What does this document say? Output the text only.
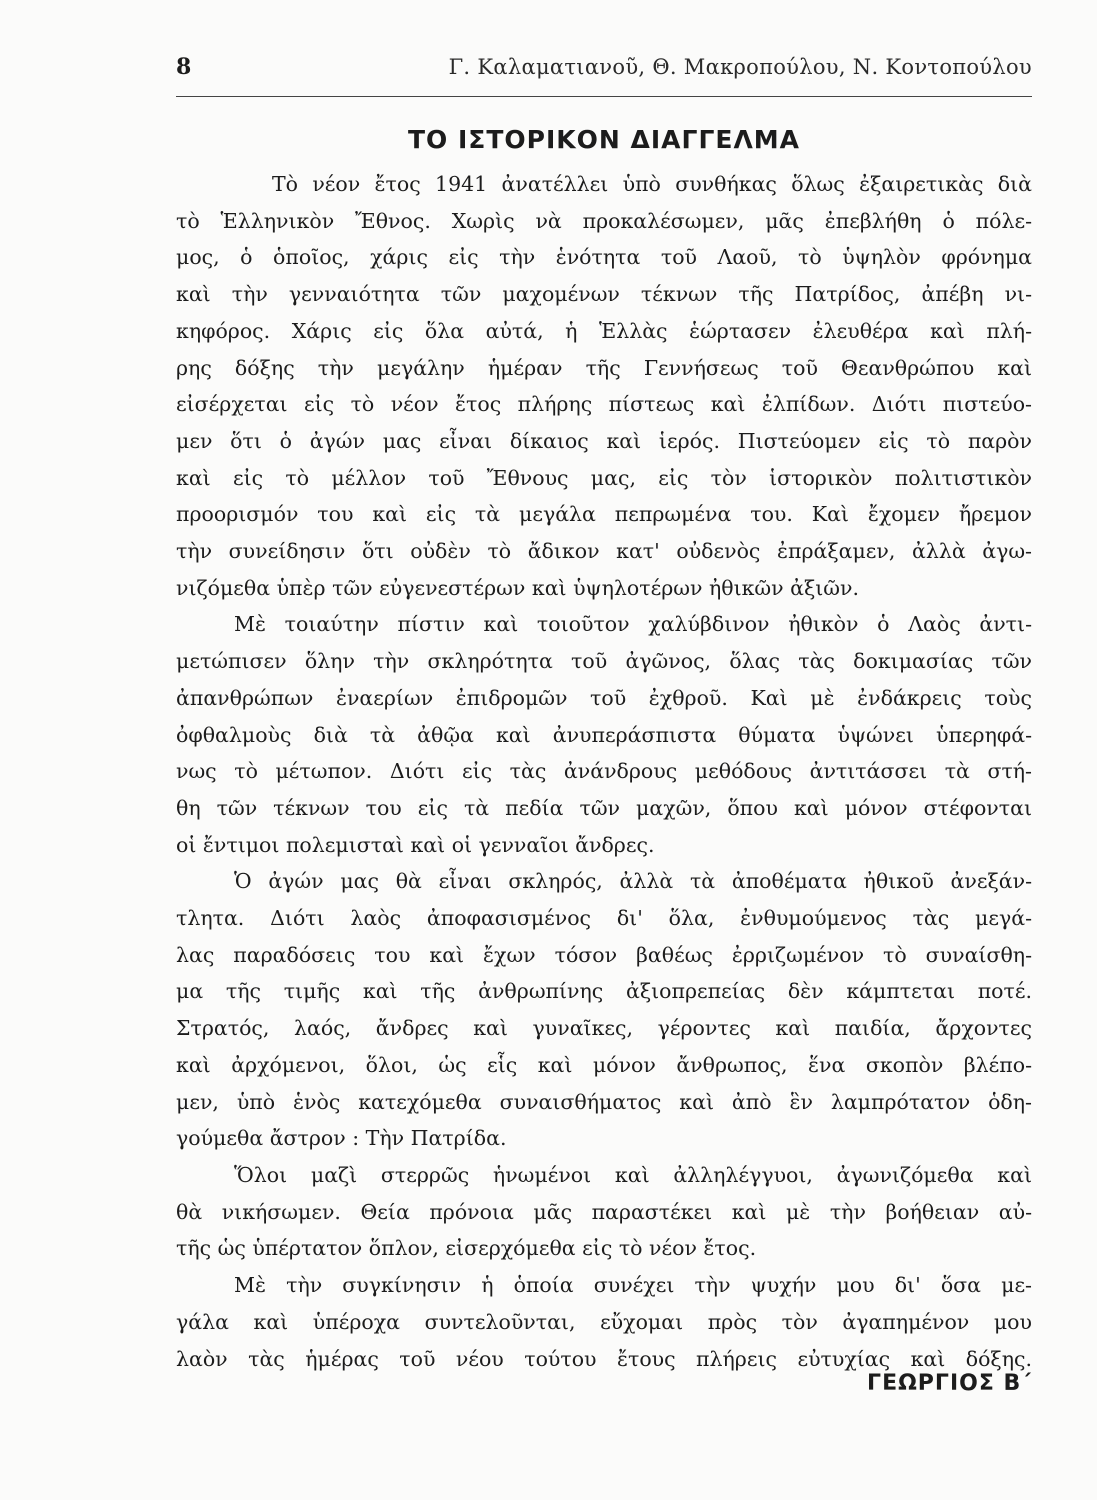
8	Γ. Καλαματιανοῦ, Θ. Μακροπούλου, Ν. Κοντοπούλου
ΤΟ ΙΣΤΟΡΙΚΟΝ ΔΙΑΓΓΕΛΜΑ

Τὸ νέον ἔτος 1941 ἀνατέλλει ὑπὸ συνθήκας ὅλως ἐξαιρετικὰς διὰ
τὸ Ἑλληνικὸν Ἔθνος. Χωρὶς νὰ προκαλέσωμεν, μᾶς ἐπεβλήθη ὁ πόλε-
μος, ὁ ὁποῖος, χάρις εἰς τὴν ἑνότητα τοῦ Λαοῦ, τὸ ὑψηλὸν φρόνημα
καὶ τὴν γενναιότητα τῶν μαχομένων τέκνων τῆς Πατρίδος, ἀπέβη νι-
κηφόρος. Χάρις εἰς ὅλα αὐτά, ἡ Ἑλλὰς ἑώρτασεν ἐλευθέρα καὶ πλή-
ρης δόξης τὴν μεγάλην ἡμέραν τῆς Γεννήσεως τοῦ Θεανθρώπου καὶ
εἰσέρχεται εἰς τὸ νέον ἔτος πλήρης πίστεως καὶ ἐλπίδων. Διότι πιστεύο-
μεν ὅτι ὁ ἀγών μας εἶναι δίκαιος καὶ ἱερός. Πιστεύομεν εἰς τὸ παρὸν
καὶ εἰς τὸ μέλλον τοῦ Ἔθνους μας, εἰς τὸν ἱστορικὸν πολιτιστικὸν
προορισμόν του καὶ εἰς τὰ μεγάλα πεπρωμένα του. Καὶ ἔχομεν ἤρεμον
τὴν συνείδησιν ὅτι οὐδὲν τὸ ἄδικον κατ' οὐδενὸς ἐπράξαμεν, ἀλλὰ ἀγω-
νιζόμεθα ὑπὲρ τῶν εὐγενεστέρων καὶ ὑψηλοτέρων ἠθικῶν ἀξιῶν.

Μὲ τοιαύτην πίστιν καὶ τοιοῦτον χαλύβδινον ἠθικὸν ὁ Λαὸς ἀντι-
μετώπισεν ὅλην τὴν σκληρότητα τοῦ ἀγῶνος, ὅλας τὰς δοκιμασίας τῶν
ἀπανθρώπων ἐναερίων ἐπιδρομῶν τοῦ ἐχθροῦ. Καὶ μὲ ἐνδάκρεις τοὺς
ὀφθαλμοὺς διὰ τὰ ἀθῷα καὶ ἀνυπεράσπιστα θύματα ὑψώνει ὑπερηφά-
νως τὸ μέτωπον. Διότι εἰς τὰς ἀνάνδρους μεθόδους ἀντιτάσσει τὰ στή-
θη τῶν τέκνων του εἰς τὰ πεδία τῶν μαχῶν, ὅπου καὶ μόνον στέφονται
οἱ ἔντιμοι πολεμισταὶ καὶ οἱ γενναῖοι ἄνδρες.

Ὁ ἀγών μας θὰ εἶναι σκληρός, ἀλλὰ τὰ ἀποθέματα ἠθικοῦ ἀνεξάν-
τλητα. Διότι λαὸς ἀποφασισμένος δι' ὅλα, ἐνθυμούμενος τὰς μεγά-
λας παραδόσεις του καὶ ἔχων τόσον βαθέως ἐρριζωμένον τὸ συναίσθη-
μα τῆς τιμῆς καὶ τῆς ἀνθρωπίνης ἀξιοπρεπείας δὲν κάμπτεται ποτέ.
Στρατός, λαός, ἄνδρες καὶ γυναῖκες, γέροντες καὶ παιδία, ἄρχοντες
καὶ ἀρχόμενοι, ὅλοι, ὡς εἷς καὶ μόνον ἄνθρωπος, ἕνα σκοπὸν βλέπο-
μεν, ὑπὸ ἑνὸς κατεχόμεθα συναισθήματος καὶ ἀπὸ ἓν λαμπρότατον ὁδη-
γούμεθα ἄστρον : Τὴν Πατρίδα.

Ὅλοι μαζὶ στερρῶς ἡνωμένοι καὶ ἀλληλέγγυοι, ἀγωνιζόμεθα καὶ
θὰ νικήσωμεν. Θεία πρόνοια μᾶς παραστέκει καὶ μὲ τὴν βοήθειαν αὐ-
τῆς ὡς ὑπέρτατον ὅπλον, εἰσερχόμεθα εἰς τὸ νέον ἔτος.

Μὲ τὴν συγκίνησιν ἡ ὁποία συνέχει τὴν ψυχήν μου δι' ὅσα με-
γάλα καὶ ὑπέροχα συντελοῦνται, εὔχομαι πρὸς τὸν ἀγαπημένον μου
λαὸν τὰς ἡμέρας τοῦ νέου τούτου ἔτους πλήρεις εὐτυχίας καὶ δόξης.

ΓΕΩΡΓΙΟΣ Β΄
